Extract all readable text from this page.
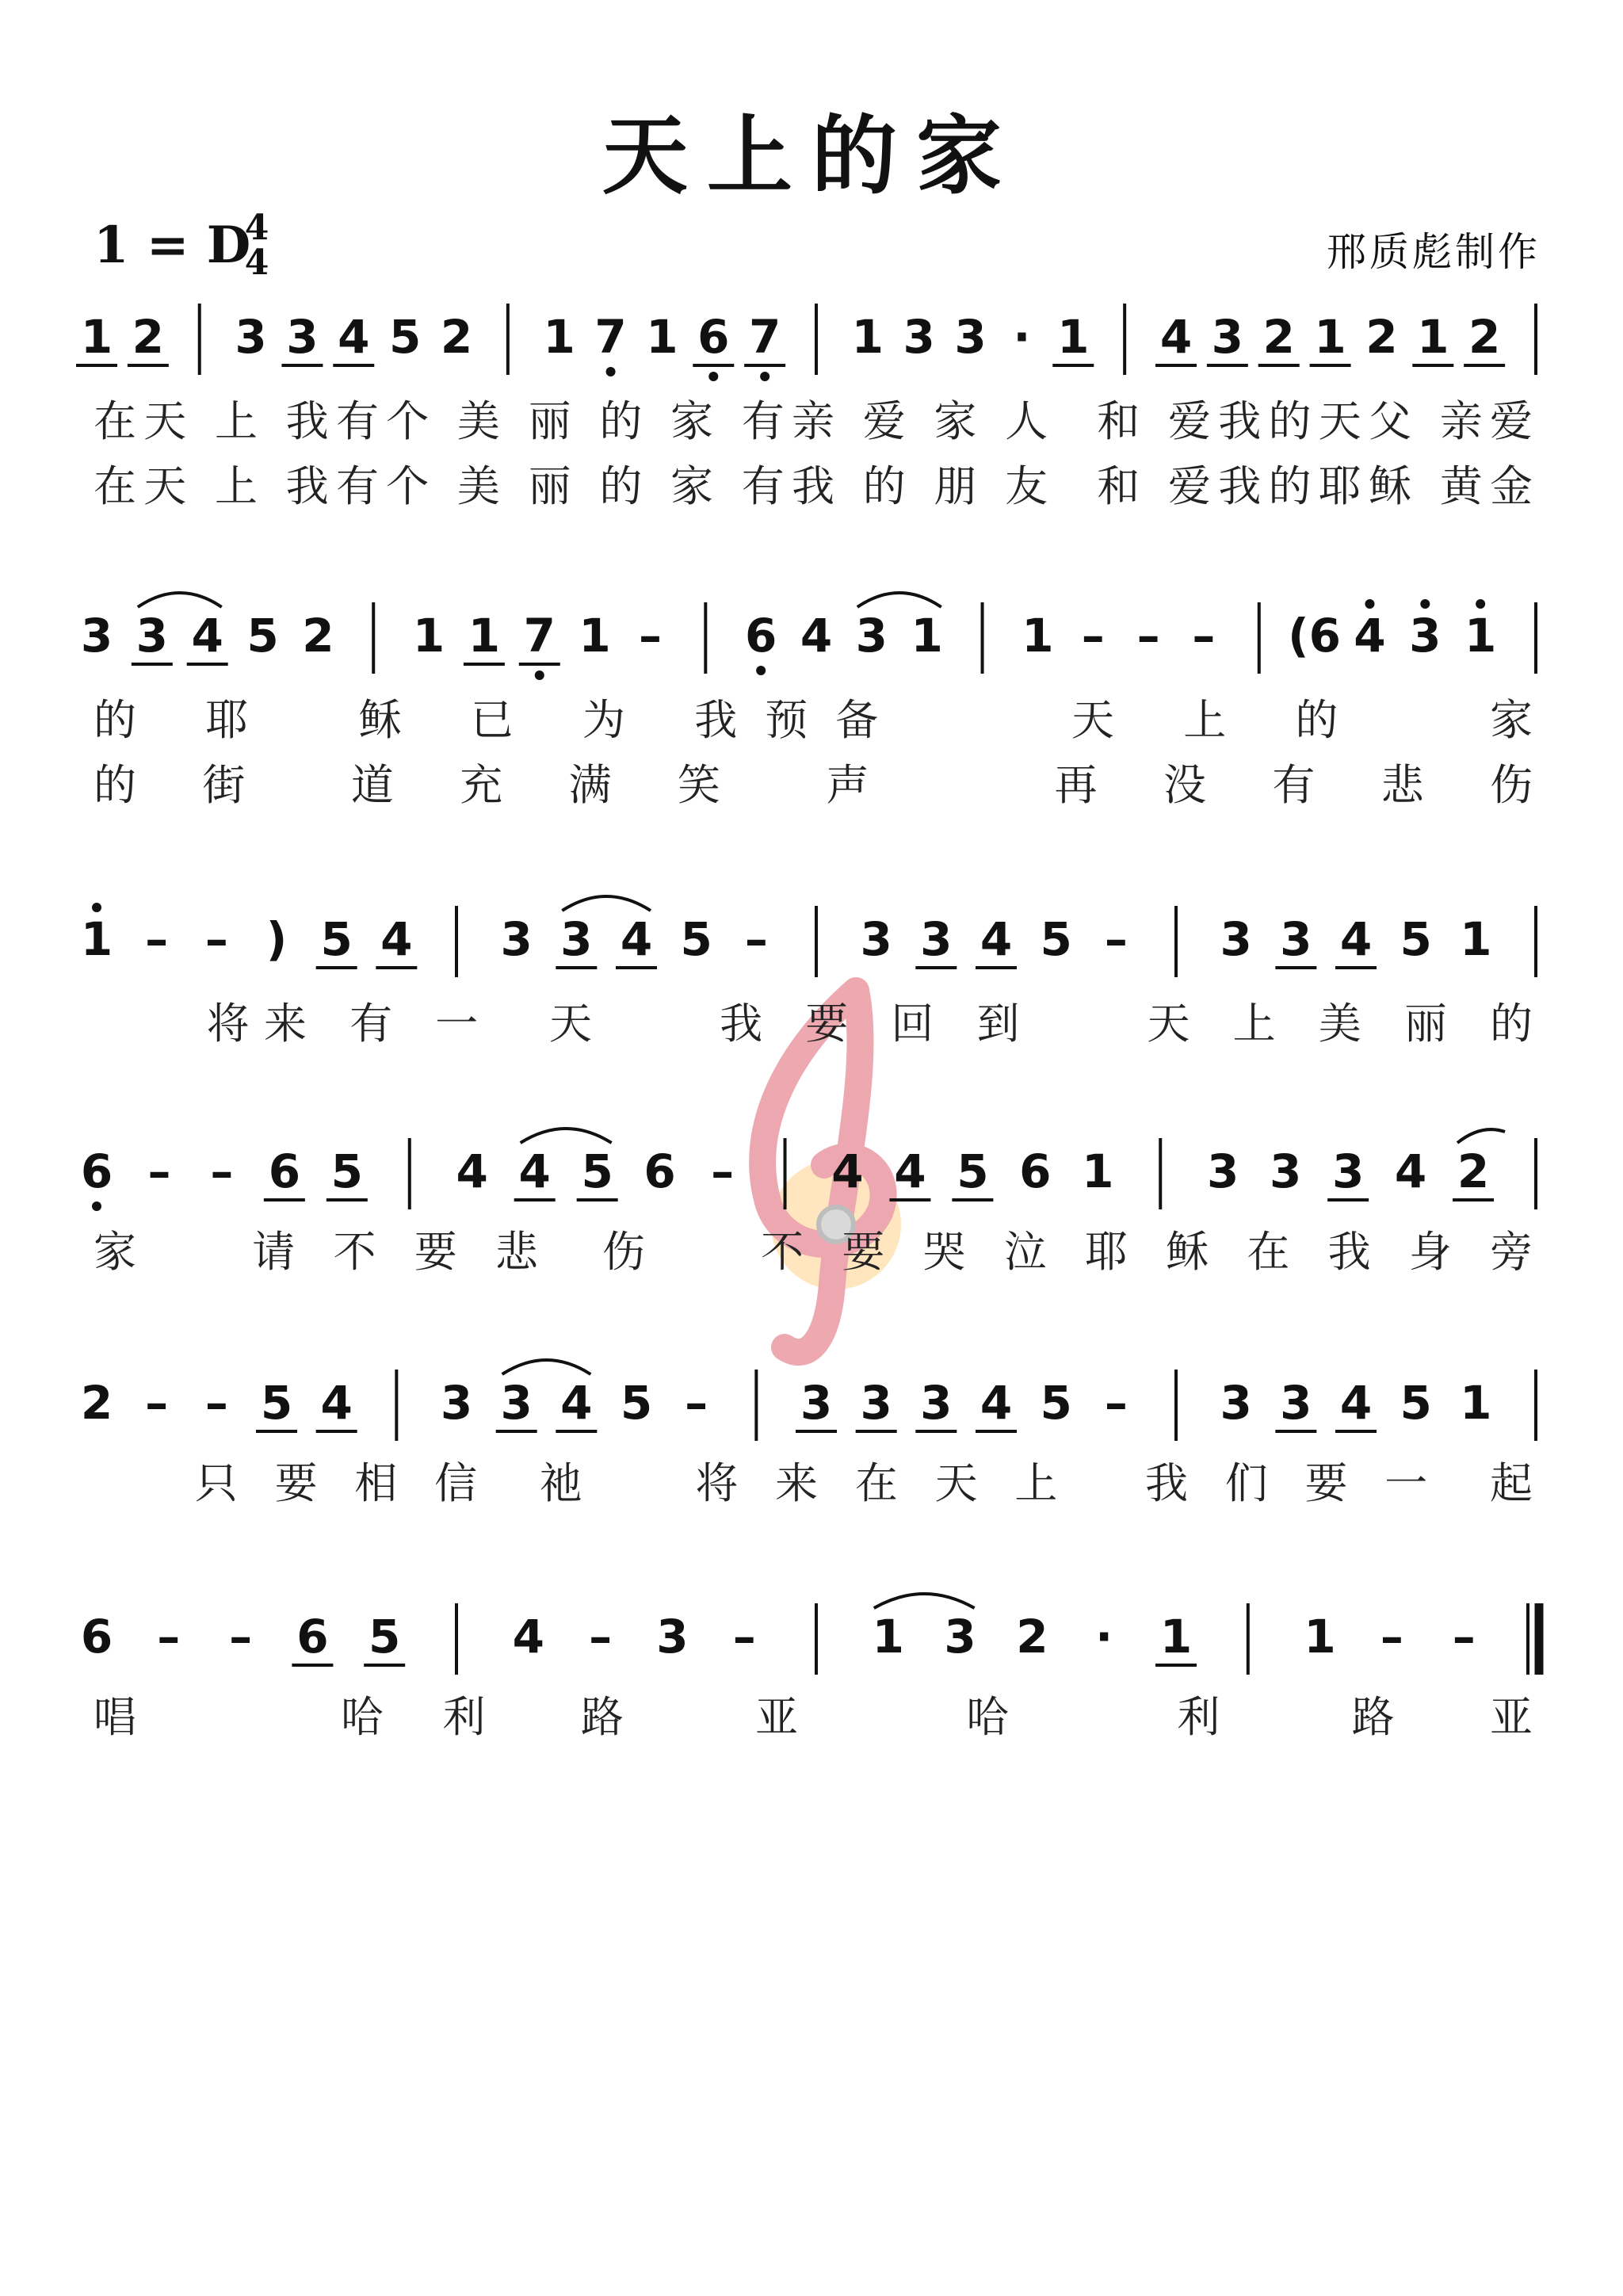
天上的家
1 = D
4
4	邢质彪制作
1 2 3 3 4 5 2 1 7 1 6 7 1 3 3 · 1 4 3 2 1 2 1 2
在天 上 我有个 美 丽 的 家 有亲 爱 家 人  和 爱我的天父 亲爱
在天 上 我有个 美 丽 的 家 有我 的 朋 友  和 爱我的耶稣 黄金
3 3 4 5 2 1 1 7 1 – 6 4 3 1 1 – – – (6 4 3 1
的 耶  稣 已 为 我预备    天 上 的   家
的 街  道 充 满 笑  声    再 没 有 悲 伤
1 – – ) 5 4 3 3 4 5 – 3 3 4 5 – 3 3 4 5 1
将来 有 一  天    我 要 回 到    天 上 美 丽 的
6 – – 6 5 4 4 5 6 – 4 4 5 6 1 3 3 3 4 2
家    请 不 要 悲  伤    不 要 哭 泣 耶 稣 在 我 身 旁
2 – – 5 4 3 3 4 5 – 3 3 3 4 5 – 3 3 4 5 1
只 要 相 信  祂    将 来 在 天 上   我 们 要 一  起
6 – – 6 5 4 – 3 –	1 3 2 · 1 1 – –
唱     哈 利  路   亚    哈    利   路  亚
